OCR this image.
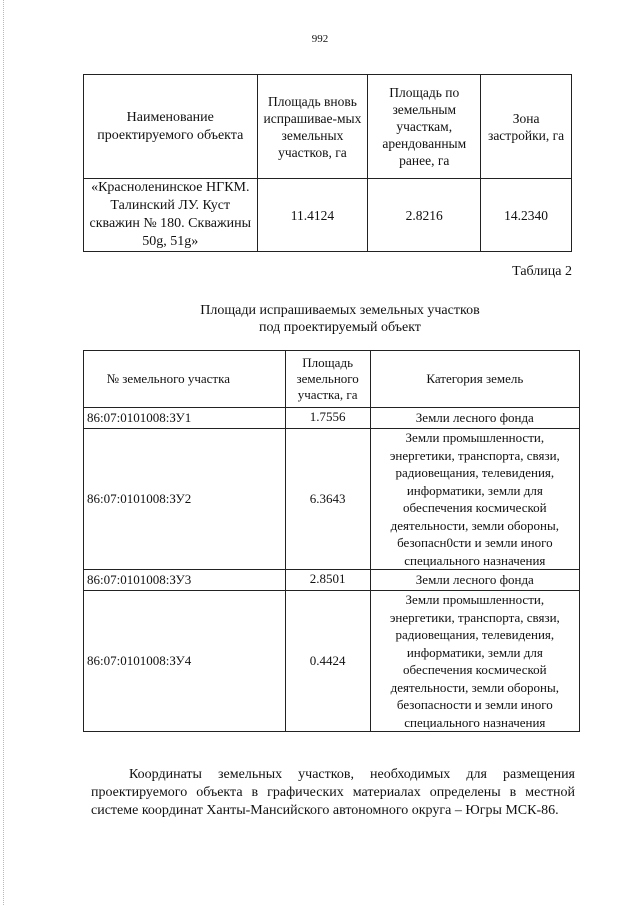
992
Наименование проектируемого объекта	Площадь вновь испрашивае-мых земельных участков, га	Площадь по земельным участкам, арендованным ранее, га	Зона застройки, га
«Красноленинское НГКМ. Талинский ЛУ. Куст скважин № 180. Скважины 50g, 51g»	11.4124	2.8216	14.2340
Таблица 2
Площади испрашиваемых земельных участков
под проектируемый объект
№ земельного участка	Площадь земельного участка, га	Категория земель
86:07:0101008:ЗУ1	1.7556	Земли лесного фонда
86:07:0101008:ЗУ2	6.3643	Земли промышленности, энергетики, транспорта, связи, радиовещания, телевидения, информатики, земли для обеспечения космической деятельности, земли обороны, безопасн0сти и земли иного специального назначения
86:07:0101008:ЗУ3	2.8501	Земли лесного фонда
86:07:0101008:ЗУ4	0.4424	Земли промышленности, энергетики, транспорта, связи, радиовещания, телевидения, информатики, земли для обеспечения космической деятельности, земли обороны, безопасности и земли иного специального назначения
Координаты земельных участков, необходимых для размещения проектируемого объекта в графических материалах определены в местной системе координат Ханты-Мансийского автономного округа – Югры МСК-86.
